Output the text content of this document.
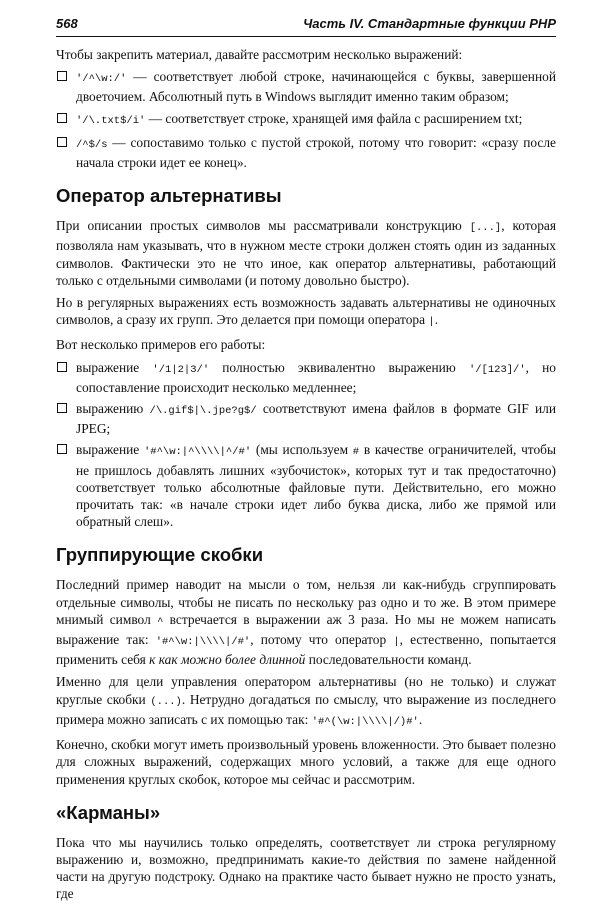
568	Часть IV. Стандартные функции PHP

Чтобы закрепить материал, давайте рассмотрим несколько выражений:

'/^\w:/' — соответствует любой строке, начинающейся с буквы, завершенной двоеточием. Абсолютный путь в Windows выглядит именно таким образом;
'/\.txt$/i' — соответствует строке, хранящей имя файла с расширением txt;
/^$/s — сопоставимо только с пустой строкой, потому что говорит: «сразу после начала строки идет ее конец».
Оператор альтернативы

При описании простых символов мы рассматривали конструкцию [...], которая позволяла нам указывать, что в нужном месте строки должен стоять один из заданных символов. Фактически это не что иное, как оператор альтернативы, работающий только с отдельными символами (и потому довольно быстро).

Но в регулярных выражениях есть возможность задавать альтернативы не одиночных символов, а сразу их групп. Это делается при помощи оператора |.

Вот несколько примеров его работы:

выражение '/1|2|3/' полностью эквивалентно выражению '/[123]/', но сопоставление происходит несколько медленнее;
выражению /\.gif$|\.jpe?g$/ соответствуют имена файлов в формате GIF или JPEG;
выражение '#^\w:|^\\\\|^/#' (мы используем # в качестве ограничителей, чтобы не пришлось добавлять лишних «зубочисток», которых тут и так предостаточно) соответствует только абсолютные файловые пути. Действительно, его можно прочитать так: «в начале строки идет либо буква диска, либо же прямой или обратный слеш».
Группирующие скобки

Последний пример наводит на мысли о том, нельзя ли как-нибудь сгруппировать отдельные символы, чтобы не писать по нескольку раз одно и то же. В этом примере мнимый символ ^ встречается в выражении аж 3 раза. Но мы не можем написать выражение так: '#^\w:|\\\\|/#', потому что оператор |, естественно, попытается применить себя к как можно более длинной последовательности команд.

Именно для цели управления оператором альтернативы (но не только) и служат круглые скобки (...). Нетрудно догадаться по смыслу, что выражение из последнего примера можно записать с их помощью так: '#^(\w:|\\\\|/)#'.

Конечно, скобки могут иметь произвольный уровень вложенности. Это бывает полезно для сложных выражений, содержащих много условий, а также для еще одного применения круглых скобок, которое мы сейчас и рассмотрим.

«Карманы»

Пока что мы научились только определять, соответствует ли строка регулярному выражению и, возможно, предпринимать какие-то действия по замене найденной части на другую подстроку. Однако на практике часто бывает нужно не просто узнать, где
